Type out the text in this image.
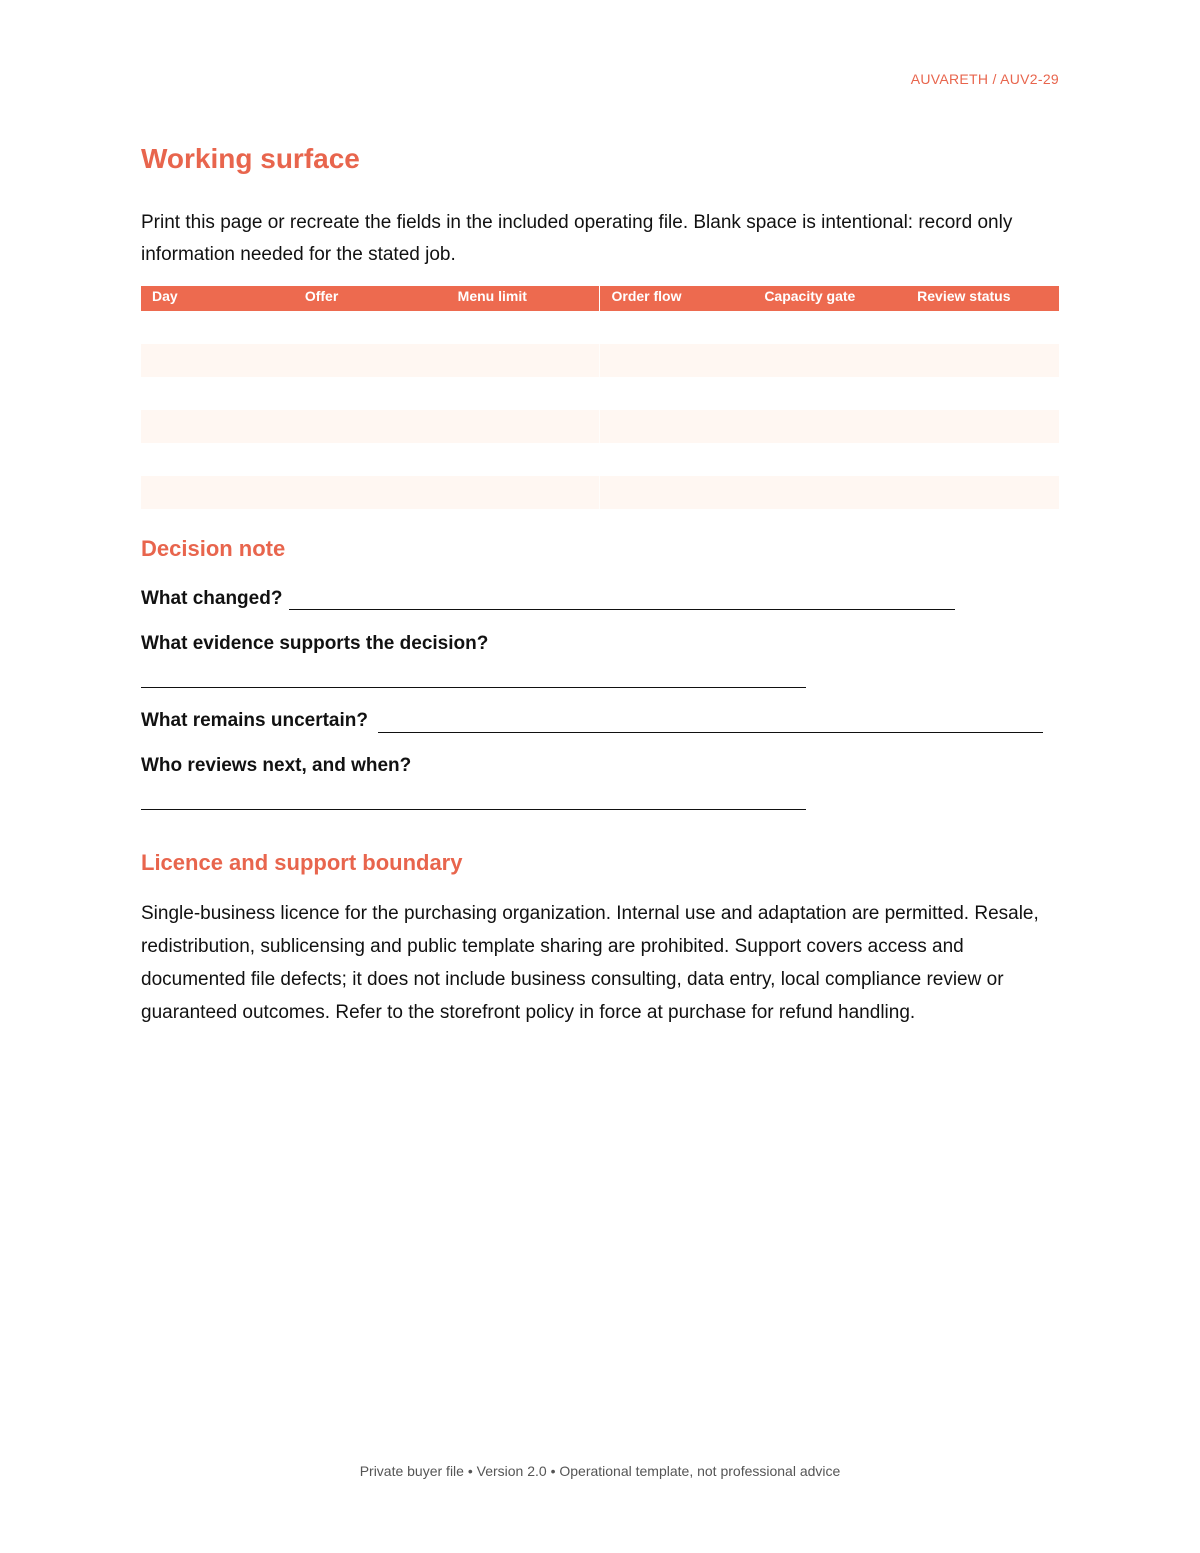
AUVARETH / AUV2-29
Working surface

Print this page or recreate the fields in the included operating file. Blank space is intentional: record only information needed for the stated job.

Day	Offer	Menu limit	Order flow	Capacity gate	Review status
Decision note
What changed?
What evidence supports the decision?
What remains uncertain?
Who reviews next, and when?
Licence and support boundary

Single-business licence for the purchasing organization. Internal use and adaptation are permitted. Resale, redistribution, sublicensing and public template sharing are prohibited. Support covers access and documented file defects; it does not include business consulting, data entry, local compliance review or guaranteed outcomes. Refer to the storefront policy in force at purchase for refund handling.

Private buyer file • Version 2.0 • Operational template, not professional advice
